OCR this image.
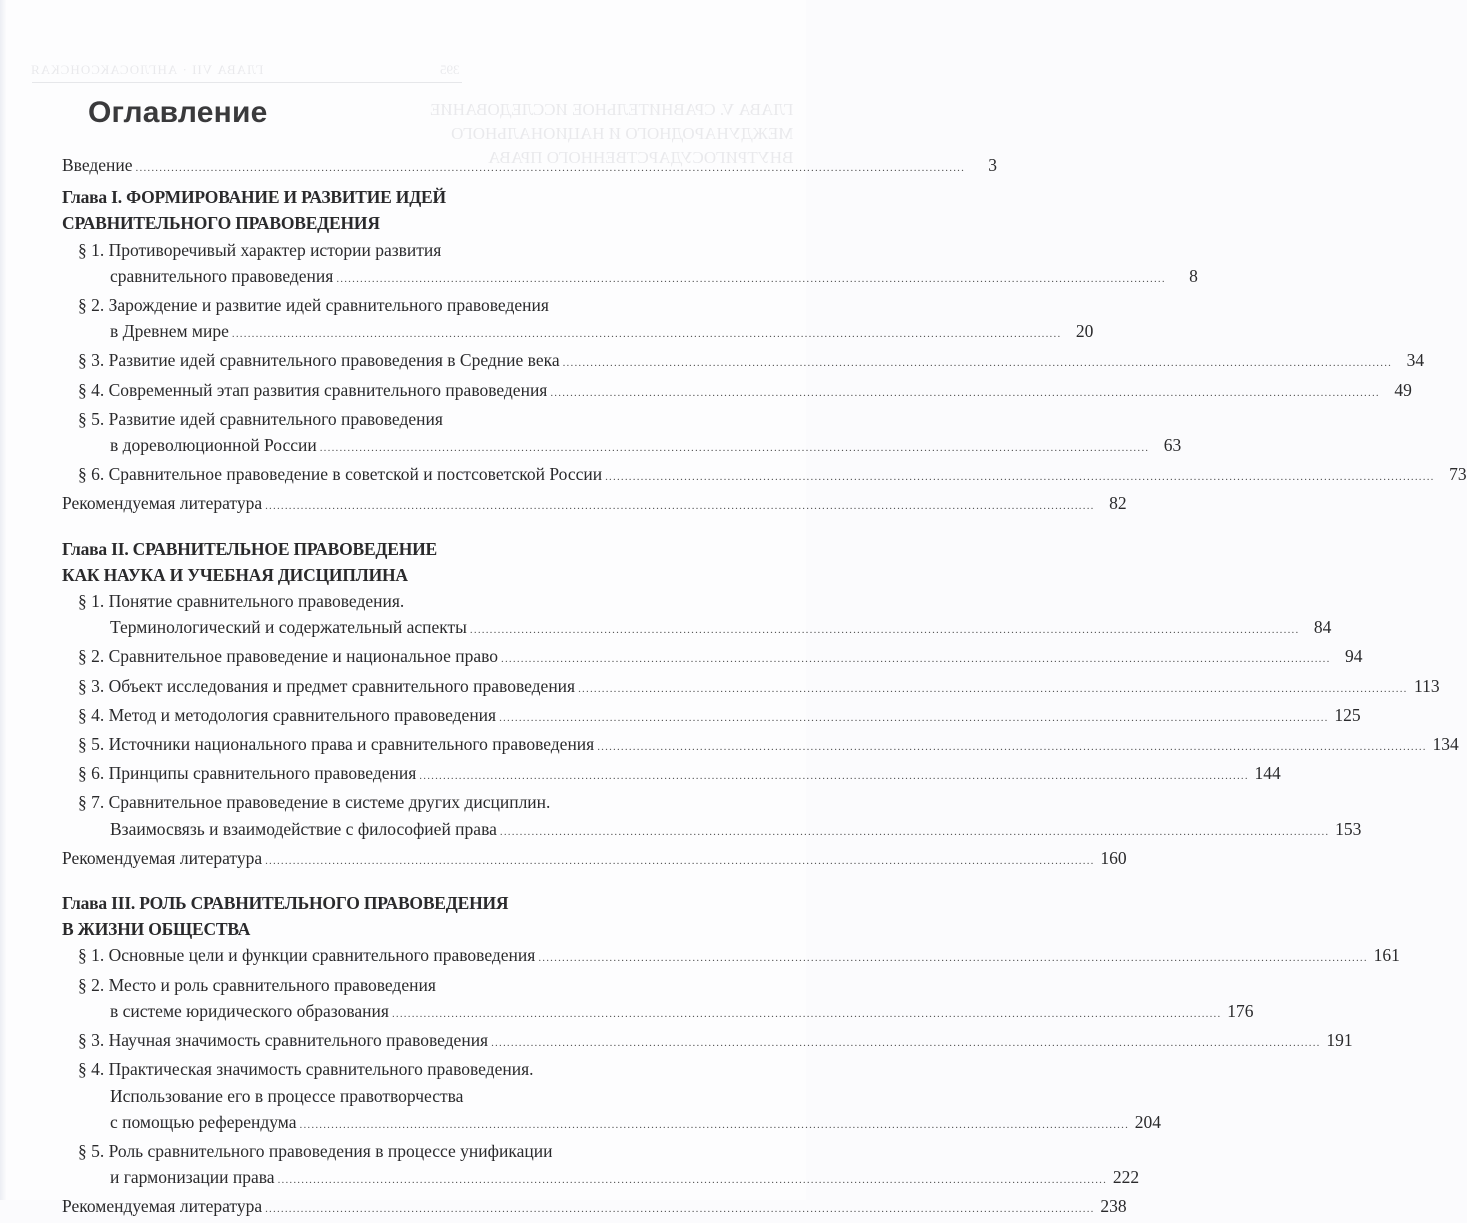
ГЛАВА VII · АНГЛОСАКСОНСКАЯ	395
ГЛАВА V. СРАВНИТЕЛЬНОЕ ИССЛЕДОВАНИЕ
МЕЖДУНАРОДНОГО И НАЦИОНАЛЬНОГО
ВНУТРИГОСУДАРСТВЕННОГО ПРАВА
Оглавление
Введение .....	3
Глава I. ФОРМИРОВАНИЕ И РАЗВИТИЕ ИДЕЙ
СРАВНИТЕЛЬНОГО ПРАВОВЕДЕНИЯ
§ 1. Противоречивый характер истории развития
сравнительного правоведения .....	8
§ 2. Зарождение и развитие идей сравнительного правоведения
в Древнем мире .....	20
§ 3. Развитие идей сравнительного правоведения в Средние века .....	34
§ 4. Современный этап развития сравнительного правоведения .....	49
§ 5. Развитие идей сравнительного правоведения
в дореволюционной России .....	63
§ 6. Сравнительное правоведение в советской и постсоветской России .....	73
Рекомендуемая литература .....	82
Глава II. СРАВНИТЕЛЬНОЕ ПРАВОВЕДЕНИЕ
КАК НАУКА И УЧЕБНАЯ ДИСЦИПЛИНА
§ 1. Понятие сравнительного правоведения.
Терминологический и содержательный аспекты .....	84
§ 2. Сравнительное правоведение и национальное право .....	94
§ 3. Объект исследования и предмет сравнительного правоведения .....	113
§ 4. Метод и методология сравнительного правоведения .....	125
§ 5. Источники национального права и сравнительного правоведения .....	134
§ 6. Принципы сравнительного правоведения .....	144
§ 7. Сравнительное правоведение в системе других дисциплин.
Взаимосвязь и взаимодействие с философией права .....	153
Рекомендуемая литература .....	160
Глава III. РОЛЬ СРАВНИТЕЛЬНОГО ПРАВОВЕДЕНИЯ
В ЖИЗНИ ОБЩЕСТВА
§ 1. Основные цели и функции сравнительного правоведения .....	161
§ 2. Место и роль сравнительного правоведения
в системе юридического образования .....	176
§ 3. Научная значимость сравнительного правоведения .....	191
§ 4. Практическая значимость сравнительного правоведения.
Использование его в процессе правотворчества
с помощью референдума .....	204
§ 5. Роль сравнительного правоведения в процессе унификации
и гармонизации права .....	222
Рекомендуемая литература .....	238
